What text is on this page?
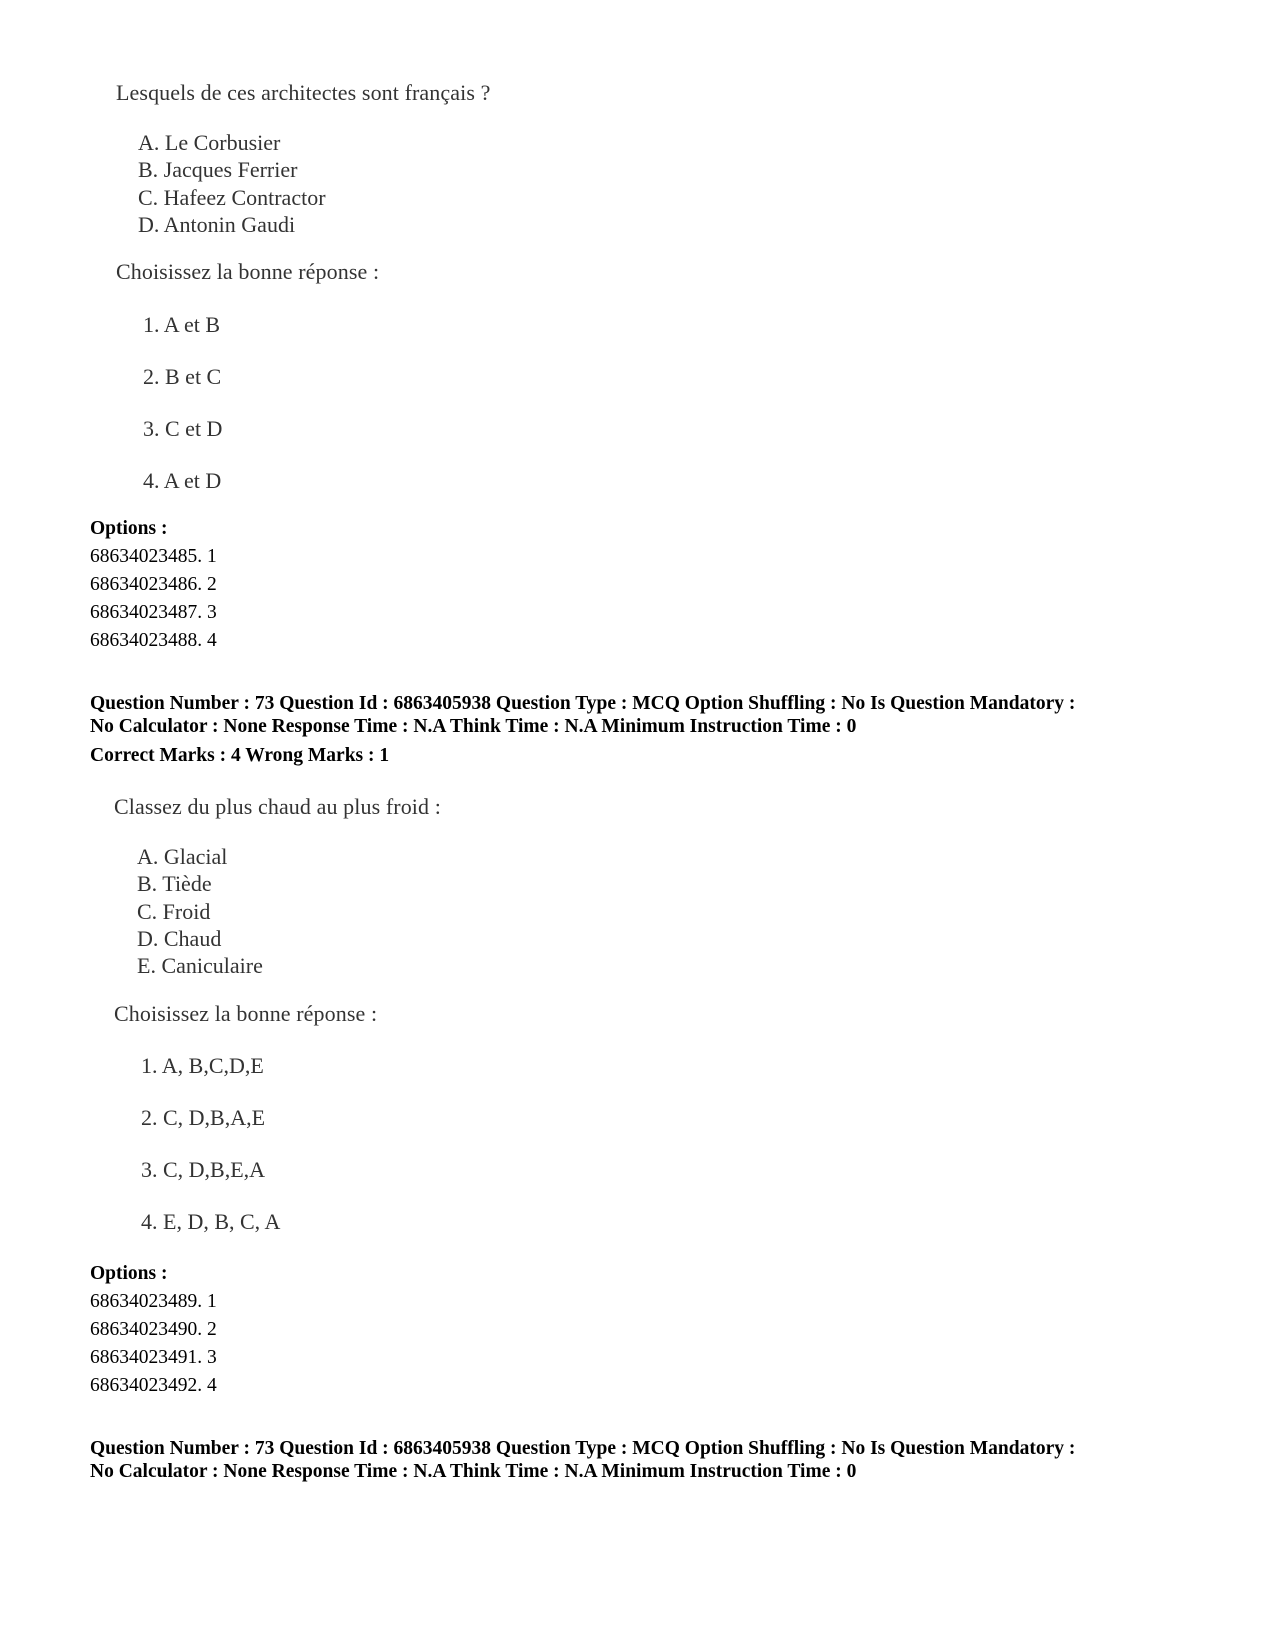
Lesquels de ces architectes sont français ?
A. Le Corbusier
B. Jacques Ferrier
C. Hafeez Contractor
D. Antonin Gaudi
Choisissez la bonne réponse :
1. A et B
2. B et C
3. C et D
4. A et D
Options :
68634023485. 1
68634023486. 2
68634023487. 3
68634023488. 4
Question Number : 73 Question Id : 6863405938 Question Type : MCQ Option Shuffling : No Is Question Mandatory :
No Calculator : None Response Time : N.A Think Time : N.A Minimum Instruction Time : 0
Correct Marks : 4 Wrong Marks : 1
Classez du plus chaud au plus froid :
A. Glacial
B. Tiède
C. Froid
D. Chaud
E. Caniculaire
Choisissez la bonne réponse :
1. A, B,C,D,E
2. C, D,B,A,E
3. C, D,B,E,A
4. E, D, B, C, A
Options :
68634023489. 1
68634023490. 2
68634023491. 3
68634023492. 4
Question Number : 73 Question Id : 6863405938 Question Type : MCQ Option Shuffling : No Is Question Mandatory :
No Calculator : None Response Time : N.A Think Time : N.A Minimum Instruction Time : 0
